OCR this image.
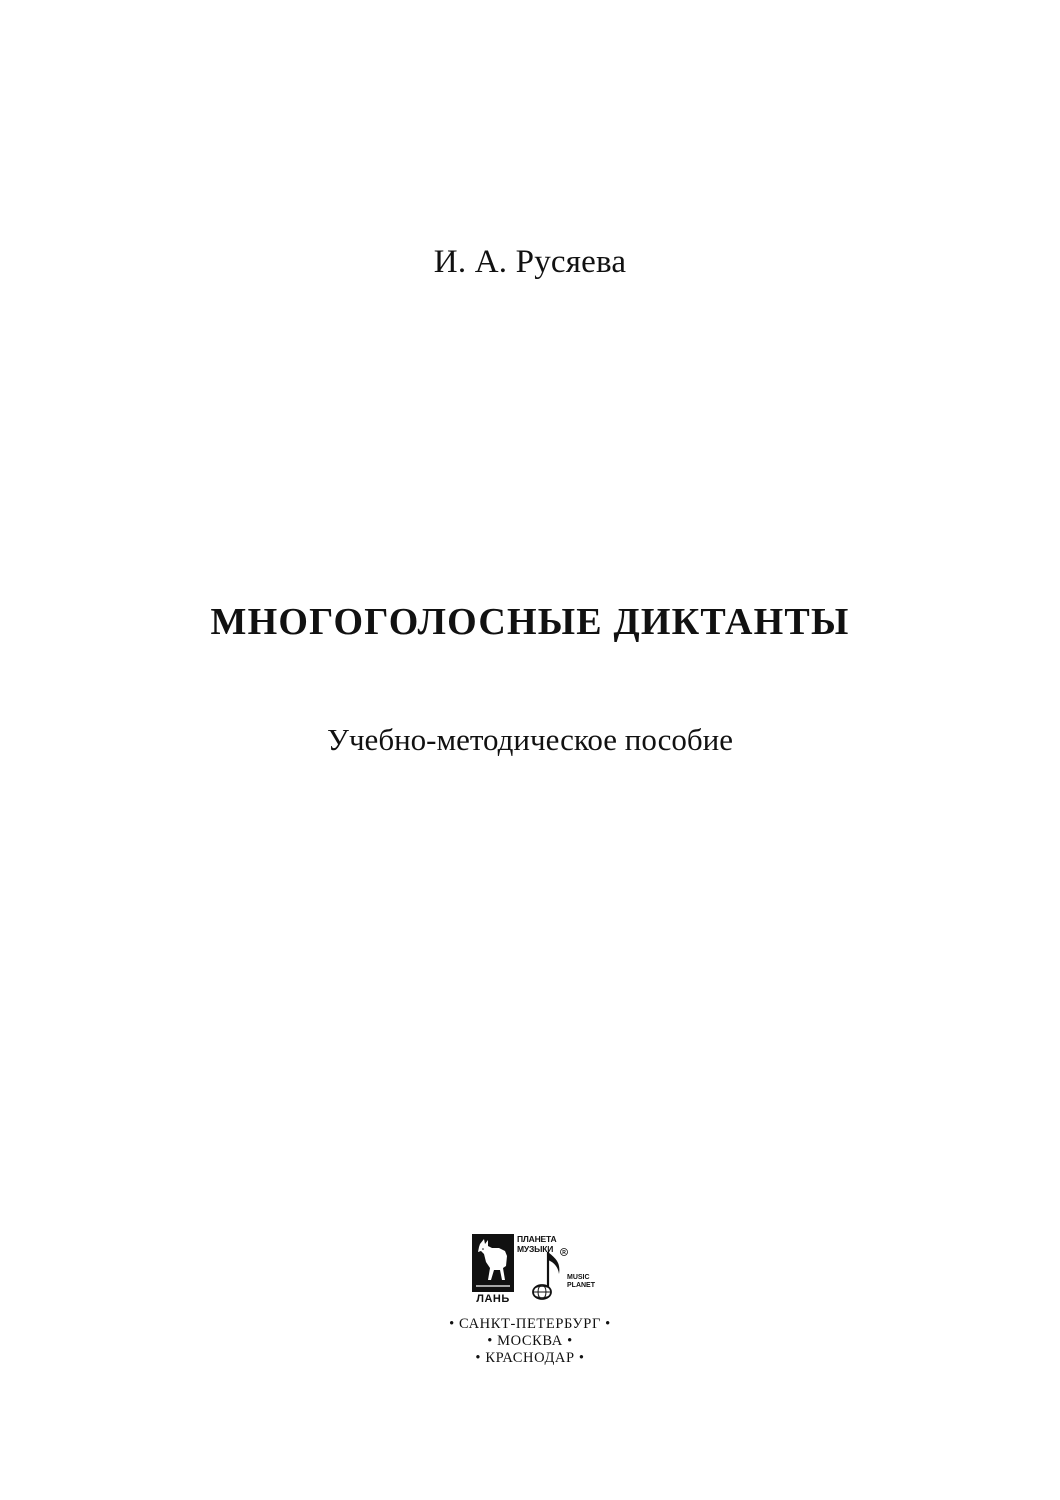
И. А. Русяева
МНОГОГОЛОСНЫЕ ДИКТАНТЫ
Учебно-методическое пособие
ЛАНЬ
ПЛАНЕТА
МУЗЫКИ	R
MUSIC
PLANET
• САНКТ-ПЕТЕРБУРГ •
• МОСКВА •
• КРАСНОДАР •
